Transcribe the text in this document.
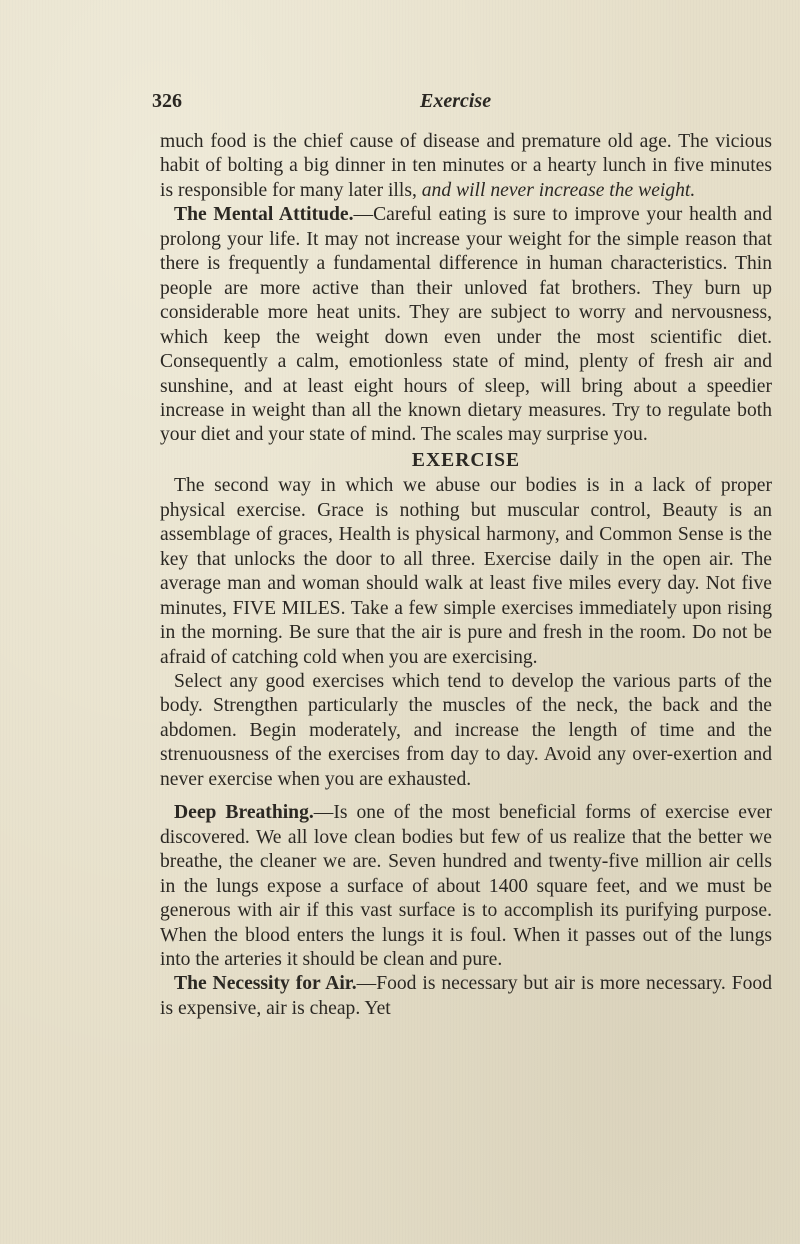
326	Exercise

much food is the chief cause of disease and premature old age. The vicious habit of bolting a big dinner in ten minutes or a hearty lunch in five minutes is responsible for many later ills, and will never increase the weight.

The Mental Attitude.—Careful eating is sure to improve your health and prolong your life. It may not increase your weight for the simple reason that there is frequently a fundamental difference in human characteristics. Thin people are more active than their unloved fat brothers. They burn up considerable more heat units. They are subject to worry and nervousness, which keep the weight down even under the most scientific diet. Consequently a calm, emotionless state of mind, plenty of fresh air and sunshine, and at least eight hours of sleep, will bring about a speedier increase in weight than all the known dietary measures. Try to regulate both your diet and your state of mind. The scales may surprise you.

EXERCISE

The second way in which we abuse our bodies is in a lack of proper physical exercise. Grace is nothing but muscular control, Beauty is an assemblage of graces, Health is physical harmony, and Common Sense is the key that unlocks the door to all three. Exercise daily in the open air. The average man and woman should walk at least five miles every day. Not five minutes, FIVE MILES. Take a few simple exercises immediately upon rising in the morning. Be sure that the air is pure and fresh in the room. Do not be afraid of catching cold when you are exercising.

Select any good exercises which tend to develop the various parts of the body. Strengthen particularly the muscles of the neck, the back and the abdomen. Begin moderately, and increase the length of time and the strenuousness of the exercises from day to day. Avoid any over-exertion and never exercise when you are exhausted.

Deep Breathing.—Is one of the most beneficial forms of exercise ever discovered. We all love clean bodies but few of us realize that the better we breathe, the cleaner we are. Seven hundred and twenty-five million air cells in the lungs expose a surface of about 1400 square feet, and we must be generous with air if this vast surface is to accomplish its purifying purpose. When the blood enters the lungs it is foul. When it passes out of the lungs into the arteries it should be clean and pure.

The Necessity for Air.—Food is necessary but air is more necessary. Food is expensive, air is cheap. Yet
